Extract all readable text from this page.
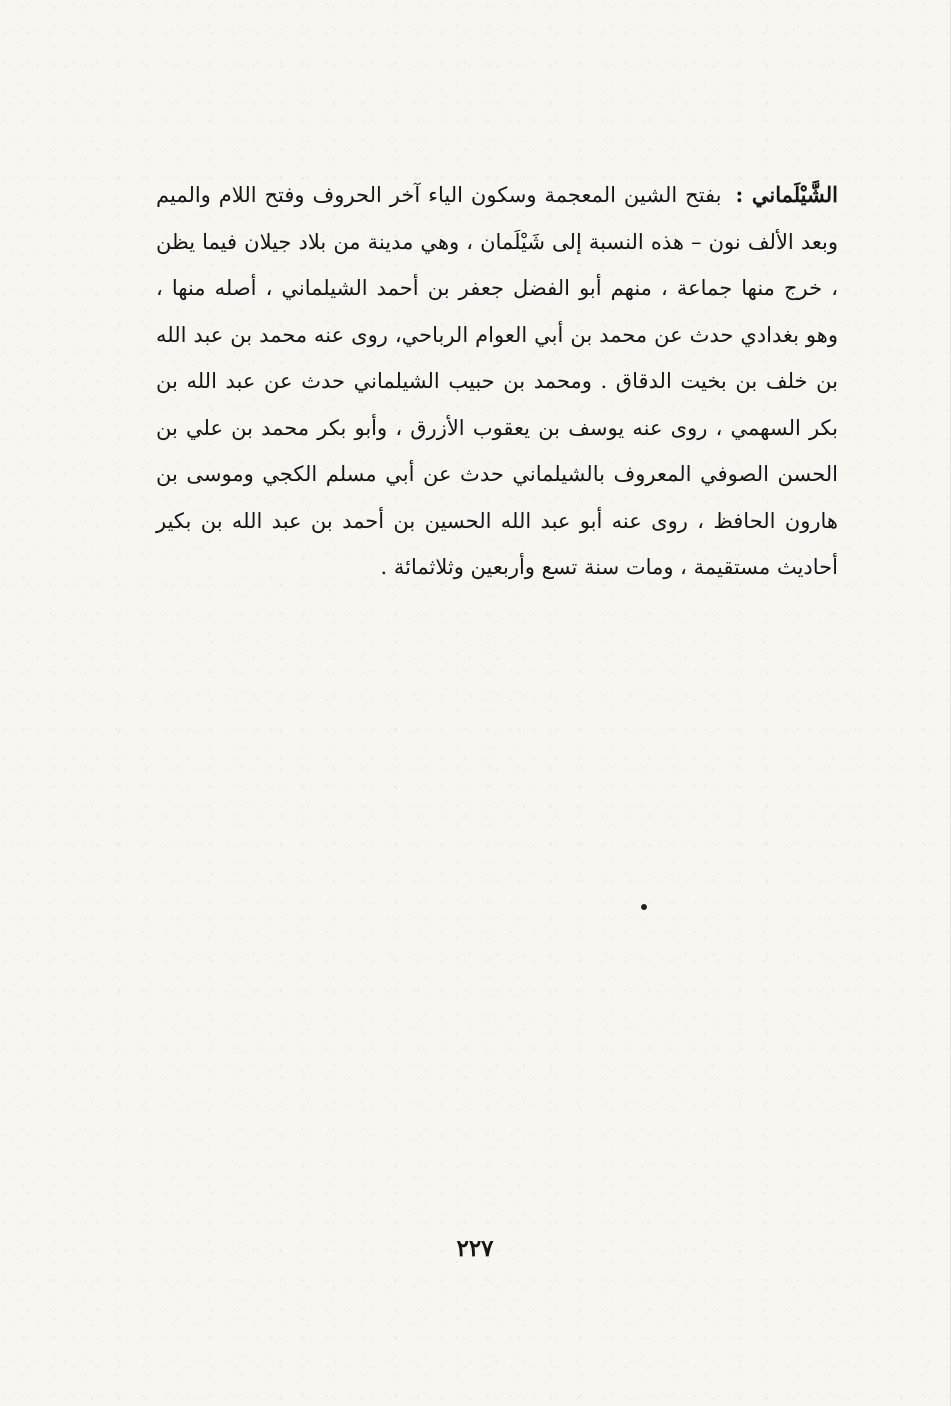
الشَّيْلَماني : بفتح الشين المعجمة وسكون الياء آخر الحروف وفتح اللام والميم وبعد الألف نون – هذه النسبة إلى شَيْلَمان ، وهي مدينة من بلاد جيلان فيما يظن ، خرج منها جماعة ، منهم أبو الفضل جعفر بن أحمد الشيلماني ، أصله منها ، وهو بغدادي حدث عن محمد بن أبي العوام الرباحي، روى عنه محمد بن عبد الله بن خلف بن بخيت الدقاق . ومحمد بن حبيب الشيلماني حدث عن عبد الله بن بكر السهمي ، روى عنه يوسف بن يعقوب الأزرق ، وأبو بكر محمد بن علي بن الحسن الصوفي المعروف بالشيلماني حدث عن أبي مسلم الكجي وموسى بن هارون الحافظ ، روى عنه أبو عبد الله الحسين بن أحمد بن عبد الله بن بكير أحاديث مستقيمة ، ومات سنة تسع وأربعين وثلاثمائة .
٢٢٧
